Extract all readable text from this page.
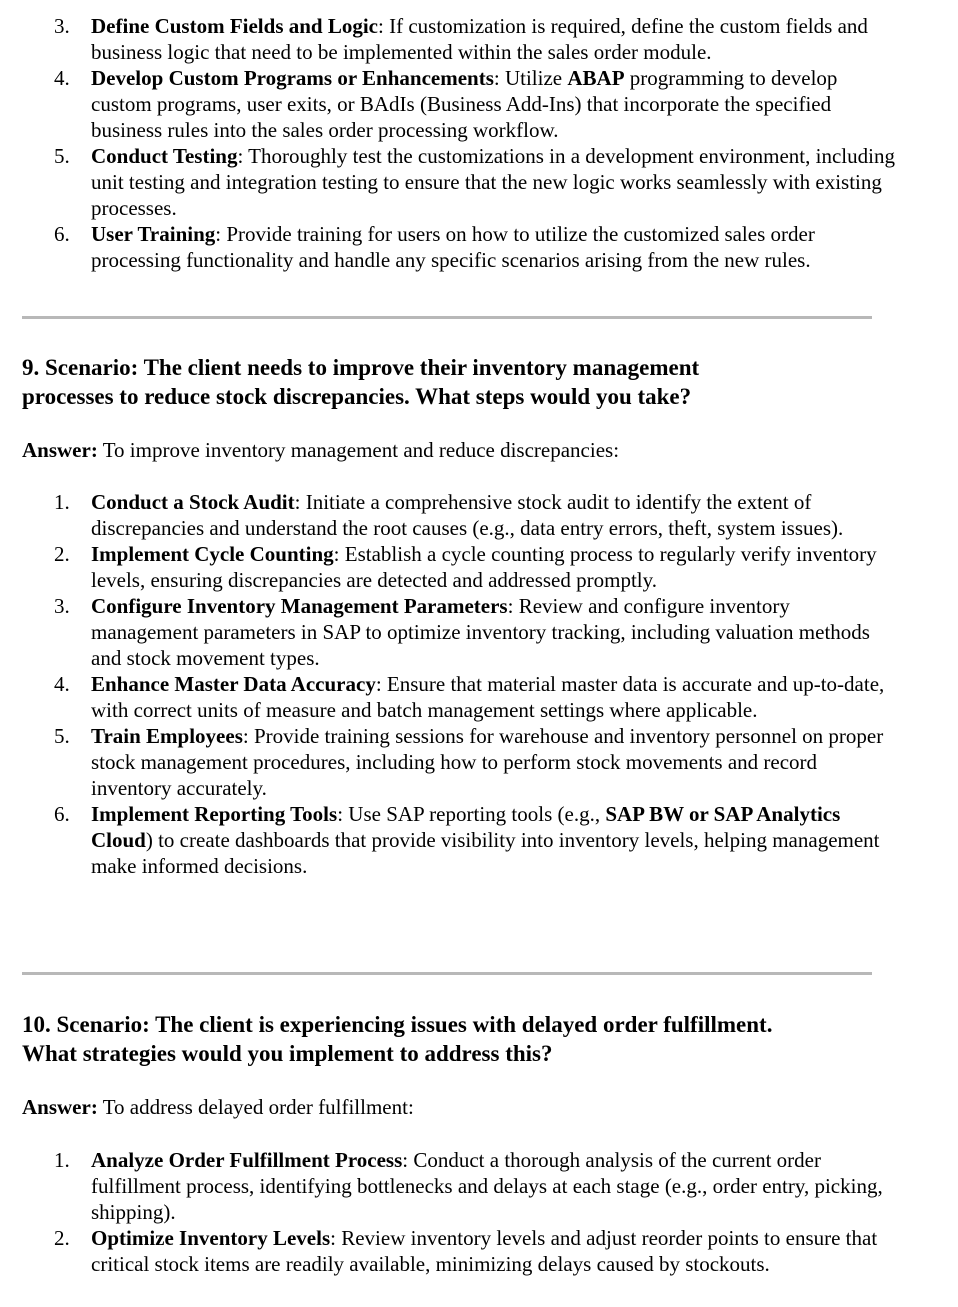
3.	Define Custom Fields and Logic: If customization is required, define the custom fields and business logic that need to be implemented within the sales order module.
4.	Develop Custom Programs or Enhancements: Utilize ABAP programming to develop custom programs, user exits, or BAdIs (Business Add-Ins) that incorporate the specified business rules into the sales order processing workflow.
5.	Conduct Testing: Thoroughly test the customizations in a development environment, including unit testing and integration testing to ensure that the new logic works seamlessly with existing processes.
6.	User Training: Provide training for users on how to utilize the customized sales order processing functionality and handle any specific scenarios arising from the new rules.
9. Scenario: The client needs to improve their inventory management
processes to reduce stock discrepancies. What steps would you take?

Answer: To improve inventory management and reduce discrepancies:

1.	Conduct a Stock Audit: Initiate a comprehensive stock audit to identify the extent of discrepancies and understand the root causes (e.g., data entry errors, theft, system issues).
2.	Implement Cycle Counting: Establish a cycle counting process to regularly verify inventory levels, ensuring discrepancies are detected and addressed promptly.
3.	Configure Inventory Management Parameters: Review and configure inventory management parameters in SAP to optimize inventory tracking, including valuation methods and stock movement types.
4.	Enhance Master Data Accuracy: Ensure that material master data is accurate and up-to-date, with correct units of measure and batch management settings where applicable.
5.	Train Employees: Provide training sessions for warehouse and inventory personnel on proper stock management procedures, including how to perform stock movements and record inventory accurately.
6.	Implement Reporting Tools: Use SAP reporting tools (e.g., SAP BW or SAP Analytics Cloud) to create dashboards that provide visibility into inventory levels, helping management make informed decisions.
10. Scenario: The client is experiencing issues with delayed order fulfillment.
What strategies would you implement to address this?

Answer: To address delayed order fulfillment:

1.	Analyze Order Fulfillment Process: Conduct a thorough analysis of the current order fulfillment process, identifying bottlenecks and delays at each stage (e.g., order entry, picking, shipping).
2.	Optimize Inventory Levels: Review inventory levels and adjust reorder points to ensure that critical stock items are readily available, minimizing delays caused by stockouts.
